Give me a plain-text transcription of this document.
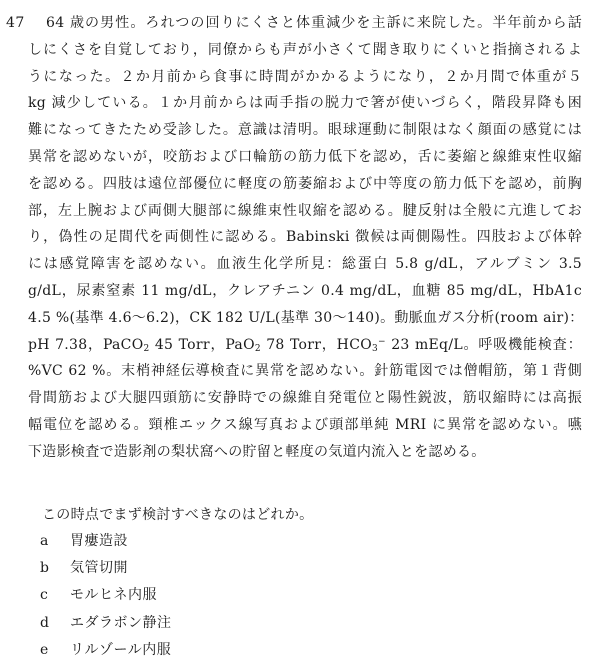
47	64 歳の男性。ろれつの回りにくさと体重減少を主訴に来院した。半年前から話
しにくさを自覚しており，同僚からも声が小さくて聞き取りにくいと指摘されるよ
うになった。２か月前から食事に時間がかかるようになり，２か月間で体重が５
kg 減少している。１か月前からは両手指の脱力で箸が使いづらく，階段昇降も困
難になってきたため受診した。意識は清明。眼球運動に制限はなく顔面の感覚には
異常を認めないが，咬筋および口輪筋の筋力低下を認め，舌に萎縮と線維束性収縮
を認める。四肢は遠位部優位に軽度の筋萎縮および中等度の筋力低下を認め，前胸
部，左上腕および両側大腿部に線維束性収縮を認める。腱反射は全般に亢進してお
り，偽性の足間代を両側性に認める。Babinski 徴候は両側陽性。四肢および体幹
には感覚障害を認めない。血液生化学所見：総蛋白 5.8 g/dL，アルブミン 3.5
g/dL，尿素窒素 11 mg/dL，クレアチニン 0.4 mg/dL，血糖 85 mg/dL，HbA1c
4.5 %(基準 4.6〜6.2)，CK 182 U/L(基準 30〜140)。動脈血ガス分析(room air)：
pH 7.38，PaCO$_2$ 45 Torr，PaO$_2$ 78 Torr，$HCO_3^-$ 23 mEq/L。呼吸機能検査：
%VC 62 %。末梢神経伝導検査に異常を認めない。針筋電図では僧帽筋，第１背側
骨間筋および大腿四頭筋に安静時での線維自発電位と陽性鋭波，筋収縮時には高振
幅電位を認める。頸椎エックス線写真および頭部単純 MRI に異常を認めない。嚥
下造影検査で造影剤の梨状窩への貯留と軽度の気道内流入とを認める。
この時点でまず検討すべきなのはどれか。
a	胃瘻造設
b	気管切開
c	モルヒネ内服
d	エダラボン静注
e	リルゾール内服
